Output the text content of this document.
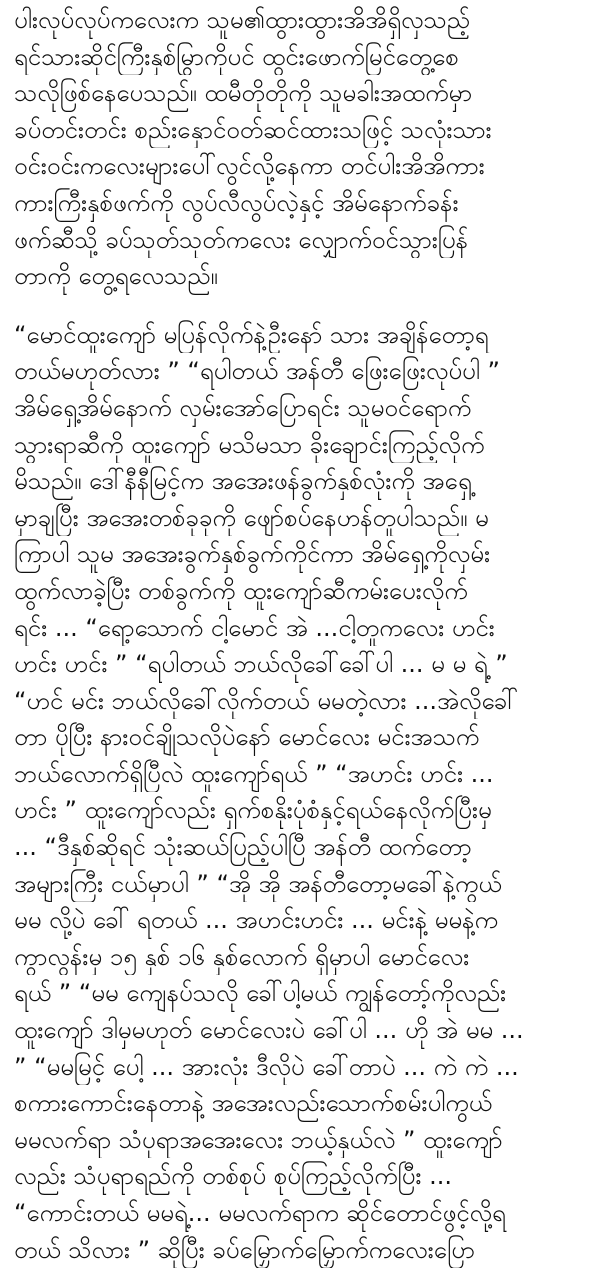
ပါးလုပ်လုပ်ကလေးက သူမ၏ထွားထွားအိအိရှိလှသည့်
ရင်သားဆိုင်ကြီးနှစ်မြွာကိုပင် ထွင်းဖောက်မြင်တွေ့စေ
သလိုဖြစ်နေပေသည်။ ထမီတိုတိုကို သူမခါးအထက်မှာ
ခပ်တင်းတင်း စည်းနှောင်ဝတ်ဆင်ထားသဖြင့် သလုံးသား
ဝင်းဝင်းကလေးများပေါ်လွင်လို့နေကာ တင်ပါးအိအိကား
ကားကြီးနှစ်ဖက်ကို လွပ်လီလွပ်လဲ့နှင့် အိမ်နောက်ခန်း
ဖက်ဆီသို့ ခပ်သုတ်သုတ်ကလေး လျှောက်ဝင်သွားပြန်
တာကို တွေ့ရလေသည်။
“မောင်ထူးကျော် မပြန်လိုက်နဲ့ဦးနော် သား အချိန်တော့ရ
တယ်မဟုတ်လား ” “ရပါတယ် အန်တီ ဖြေးဖြေးလုပ်ပါ ”
အိမ်ရှေ့အိမ်နောက် လှမ်းအော်ပြောရင်း သူမဝင်ရောက်
သွားရာဆီကို ထူးကျော် မသိမသာ ခိုးချောင်းကြည့်လိုက်
မိသည်။ ဒေါ်နီနီမြင့်က အအေးဖန်ခွက်နှစ်လုံးကို အရှေ့
မှာချပြီး အအေးတစ်ခုခုကို ဖျော်စပ်နေဟန်တူပါသည်။ မ
ကြာပါ သူမ အအေးခွက်နှစ်ခွက်ကိုင်ကာ အိမ်ရှေ့ကိုလှမ်း
ထွက်လာခဲ့ပြီး တစ်ခွက်ကို ထူးကျော်ဆီကမ်းပေးလိုက်
ရင်း ... “ရော့သောက် ငါ့မောင် အဲ ...ငါ့တူကလေး ဟင်း
ဟင်း ဟင်း ” “ရပါတယ် ဘယ်လိုခေါ်ခေါ်ပါ ... မ မ ရဲ့ ”
“ဟင် မင်း ဘယ်လိုခေါ်လိုက်တယ် မမတဲ့လား ...အဲလိုခေါ်
တာ ပိုပြီး နားဝင်ချိုသလိုပဲနော် မောင်လေး မင်းအသက်
ဘယ်လောက်ရှိပြီလဲ ထူးကျော်ရယ် ” “အဟင်း ဟင်း ...
ဟင်း ” ထူးကျော်လည်း ရှက်စနိုးပုံစံနှင့်ရယ်နေလိုက်ပြီးမှ
... “ဒီနှစ်ဆိုရင် သုံးဆယ်ပြည့်ပါပြီ အန်တီ ထက်တော့
အများကြီး ငယ်မှာပါ ” “အို အို အန်တီတော့မခေါ်နဲ့ကွယ်
မမ လို့ပဲ ခေါ် ရတယ် ... အဟင်းဟင်း ... မင်းနဲ့ မမနဲ့က
ကွာလွန်းမှ ၁၅ နှစ် ၁၆ နှစ်လောက် ရှိမှာပါ မောင်လေး
ရယ် ” “မမ ကျေနပ်သလို ခေါ်ပါ့မယ် ကျွန်တော့်ကိုလည်း
ထူးကျော် ဒါမှမဟုတ် မောင်လေးပဲ ခေါ်ပါ ... ဟို အဲ မမ ...
” “မမမြင့် ပေါ့ ... အားလုံး ဒီလိုပဲ ခေါ်တာပဲ ... ကဲ ကဲ ...
စကားကောင်းနေတာနဲ့ အအေးလည်းသောက်စမ်းပါကွယ်
မမလက်ရာ သံပုရာအအေးလေး ဘယ့်နှယ်လဲ ” ထူးကျော်
လည်း သံပုရာရည်ကို တစ်စုပ် စုပ်ကြည့်လိုက်ပြီး ...
“ကောင်းတယ် မမရဲ့... မမလက်ရာက ဆိုင်တောင်ဖွင့်လို့ရ
တယ် သိလား ” ဆိုပြီး ခပ်မြှောက်မြှောက်ကလေးပြော
